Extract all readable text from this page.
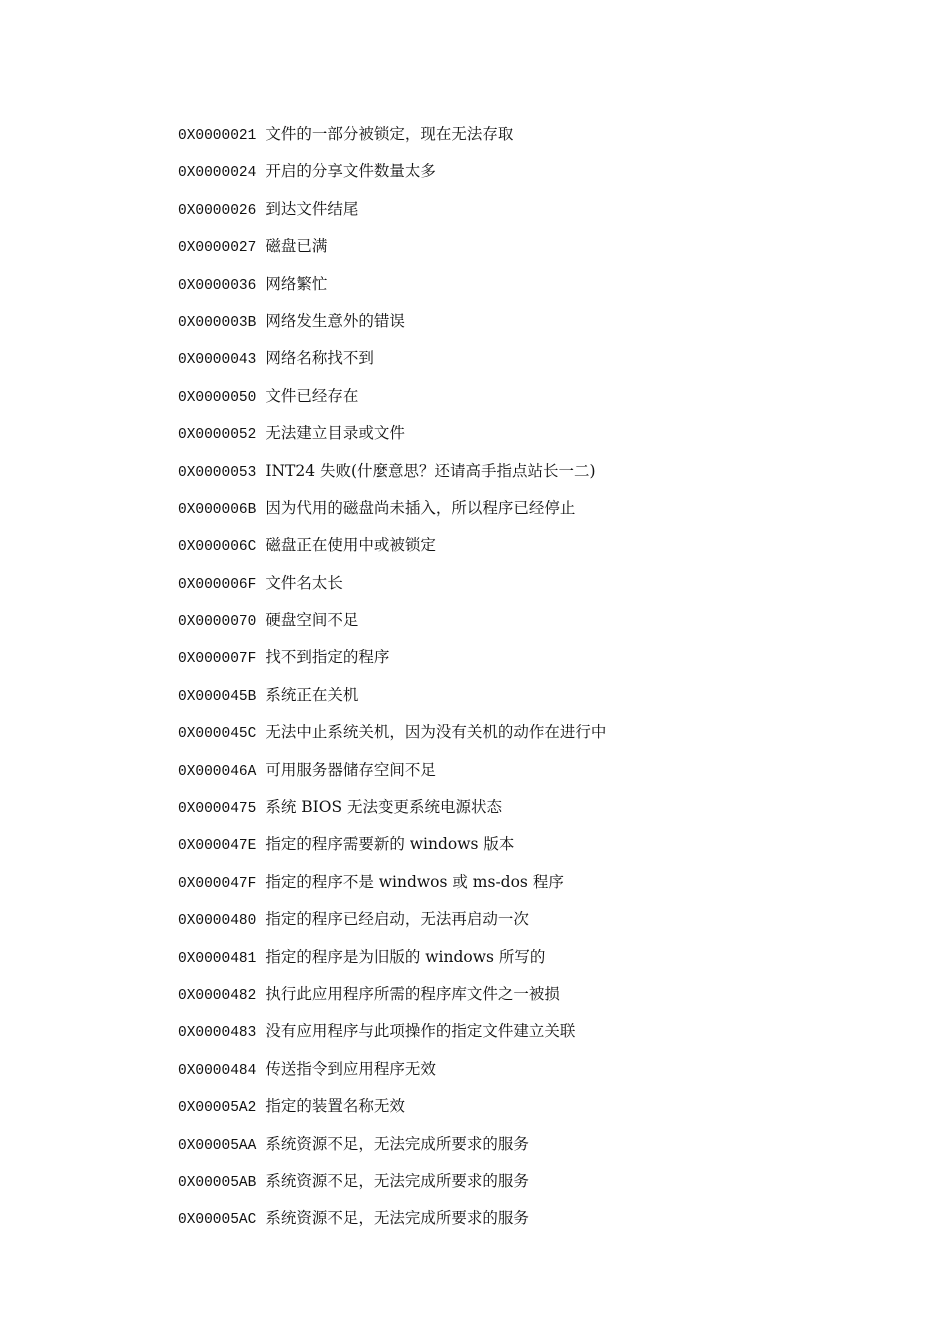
0X0000021 文件的一部分被锁定，现在无法存取
0X0000024 开启的分享文件数量太多
0X0000026 到达文件结尾
0X0000027 磁盘已满
0X0000036 网络繁忙
0X000003B 网络发生意外的错误
0X0000043 网络名称找不到
0X0000050 文件已经存在
0X0000052 无法建立目录或文件
0X0000053 INT24 失败(什麼意思？还请高手指点站长一二)
0X000006B 因为代用的磁盘尚未插入，所以程序已经停止
0X000006C 磁盘正在使用中或被锁定
0X000006F 文件名太长
0X0000070 硬盘空间不足
0X000007F 找不到指定的程序
0X000045B 系统正在关机
0X000045C 无法中止系统关机，因为没有关机的动作在进行中
0X000046A 可用服务器储存空间不足
0X0000475 系统 BIOS 无法变更系统电源状态
0X000047E 指定的程序需要新的 windows 版本
0X000047F 指定的程序不是 windwos 或 ms-dos 程序
0X0000480 指定的程序已经启动，无法再启动一次
0X0000481 指定的程序是为旧版的 windows 所写的
0X0000482 执行此应用程序所需的程序库文件之一被损
0X0000483 没有应用程序与此项操作的指定文件建立关联
0X0000484 传送指令到应用程序无效
0X00005A2 指定的装置名称无效
0X00005AA 系统资源不足，无法完成所要求的服务
0X00005AB 系统资源不足，无法完成所要求的服务
0X00005AC 系统资源不足，无法完成所要求的服务
